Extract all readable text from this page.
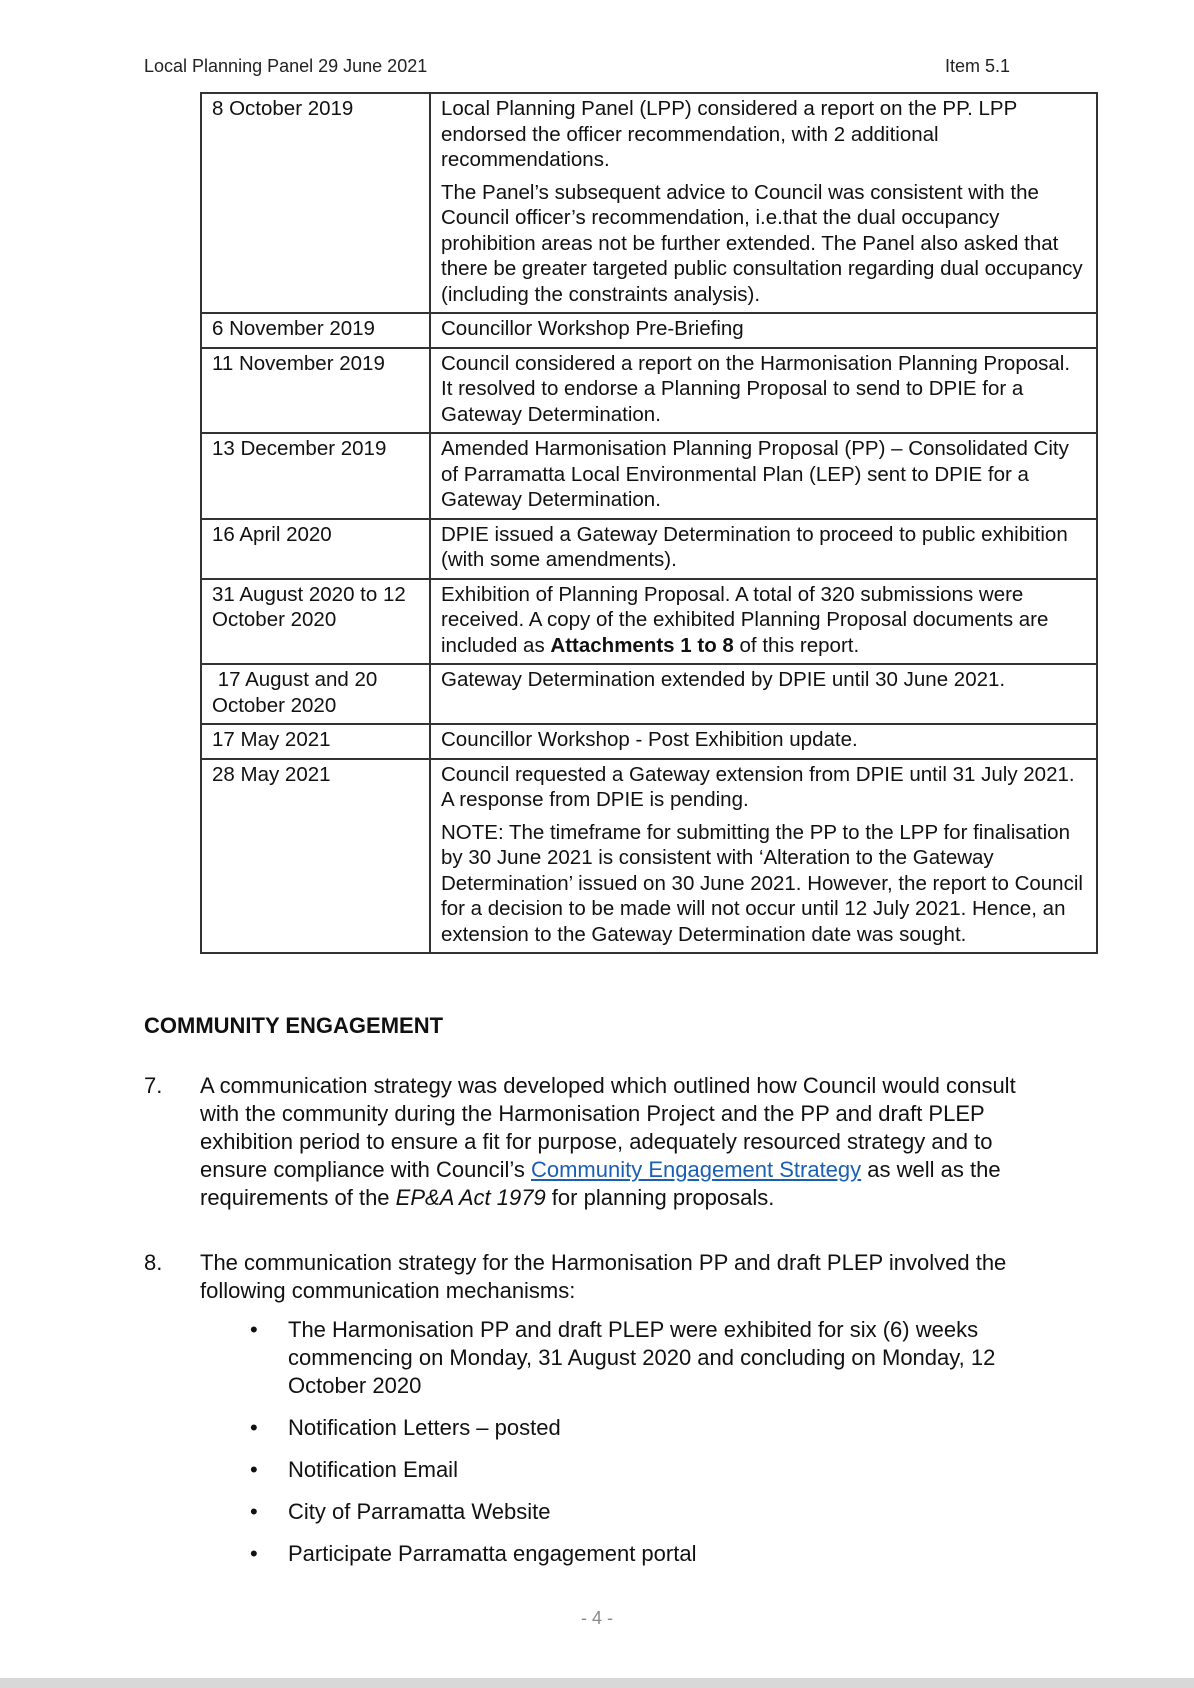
Local Planning Panel 29 June 2021	Item 5.1
8 October 2019	Local Planning Panel (LPP) considered a report on the PP. LPP endorsed the officer recommendation, with 2 additional recommendations.

The Panel’s subsequent advice to Council was consistent with the Council officer’s recommendation, i.e.that the dual occupancy prohibition areas not be further extended. The Panel also asked that there be greater targeted public consultation regarding dual occupancy (including the constraints analysis).

6 November 2019	Councillor Workshop Pre-Briefing

11 November 2019	Council considered a report on the Harmonisation Planning Proposal. It resolved to endorse a Planning Proposal to send to DPIE for a Gateway Determination.

13 December 2019	Amended Harmonisation Planning Proposal (PP) – Consolidated City of Parramatta Local Environmental Plan (LEP) sent to DPIE for a Gateway Determination.

16 April 2020	DPIE issued a Gateway Determination to proceed to public exhibition (with some amendments).

31 August 2020 to 12 October 2020	Exhibition of Planning Proposal. A total of 320 submissions were received. A copy of the exhibited Planning Proposal documents are included as Attachments 1 to 8 of this report.

17 August and 20 October 2020	Gateway Determination extended by DPIE until 30 June 2021.

17 May 2021	Councillor Workshop - Post Exhibition update.

28 May 2021	Council requested a Gateway extension from DPIE until 31 July 2021. A response from DPIE is pending.

NOTE: The timeframe for submitting the PP to the LPP for finalisation by 30 June 2021 is consistent with ‘Alteration to the Gateway Determination’ issued on 30 June 2021. However, the report to Council for a decision to be made will not occur until 12 July 2021. Hence, an extension to the Gateway Determination date was sought.

COMMUNITY ENGAGEMENT
7. A communication strategy was developed which outlined how Council would consult with the community during the Harmonisation Project and the PP and draft PLEP exhibition period to ensure a fit for purpose, adequately resourced strategy and to ensure compliance with Council’s Community Engagement Strategy as well as the requirements of the EP&A Act 1979 for planning proposals.
8. The communication strategy for the Harmonisation PP and draft PLEP involved the following communication mechanisms:
• The Harmonisation PP and draft PLEP were exhibited for six (6) weeks commencing on Monday, 31 August 2020 and concluding on Monday, 12 October 2020
• Notification Letters – posted
• Notification Email
• City of Parramatta Website
• Participate Parramatta engagement portal
- 4 -
